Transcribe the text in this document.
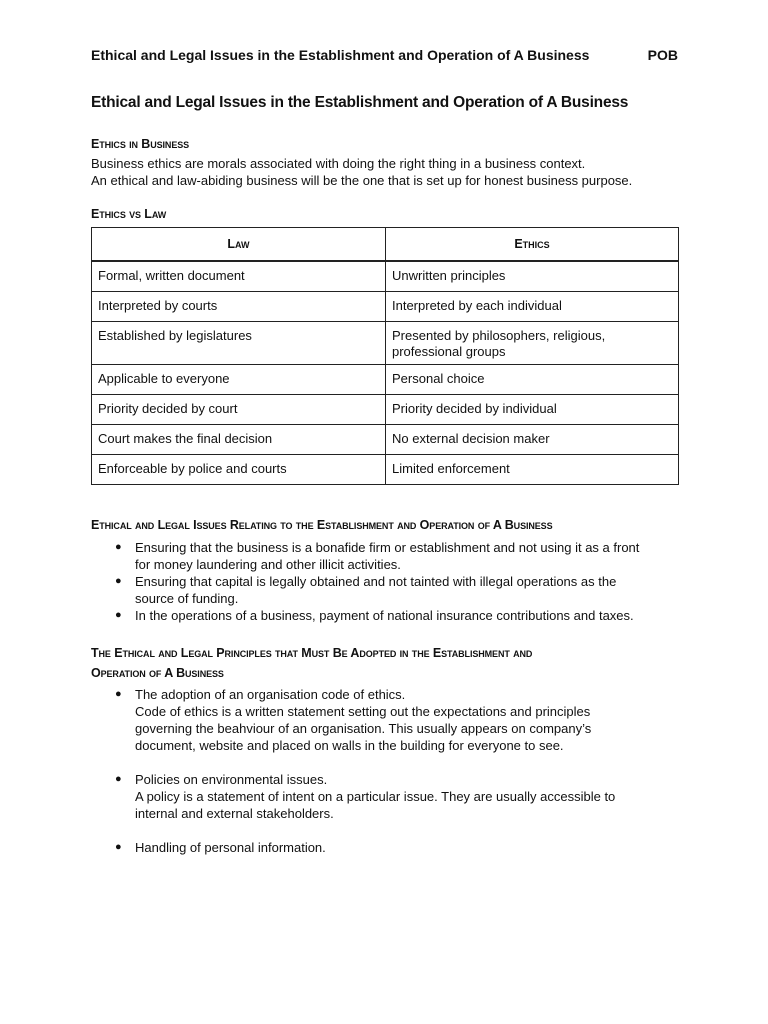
Ethical and Legal Issues in the Establishment and Operation of A Business	POB
Ethical and Legal Issues in the Establishment and Operation of A Business
Ethics in Business
Business ethics are morals associated with doing the right thing in a business context.
An ethical and law-abiding business will be the one that is set up for honest business purpose.
Ethics vs Law
Law	Ethics
Formal, written document	Unwritten principles
Interpreted by courts	Interpreted by each individual
Established by legislatures	Presented by philosophers, religious,
professional groups

Applicable to everyone	Personal choice
Priority decided by court	Priority decided by individual
Court makes the final decision	No external decision maker
Enforceable by police and courts	Limited enforcement
Ethical and Legal Issues Relating to the Establishment and Operation of A Business
● Ensuring that the business is a bonafide firm or establishment and not using it as a front
for money laundering and other illicit activities.
● Ensuring that capital is legally obtained and not tainted with illegal operations as the
source of funding.
● In the operations of a business, payment of national insurance contributions and taxes.
The Ethical and Legal Principles that Must Be Adopted in the Establishment and
Operation of A Business
● The adoption of an organisation code of ethics.
Code of ethics is a written statement setting out the expectations and principles
governing the beahviour of an organisation. This usually appears on company’s
document, website and placed on walls in the building for everyone to see.
● Policies on environmental issues.
A policy is a statement of intent on a particular issue. They are usually accessible to
internal and external stakeholders.
● Handling of personal information.
